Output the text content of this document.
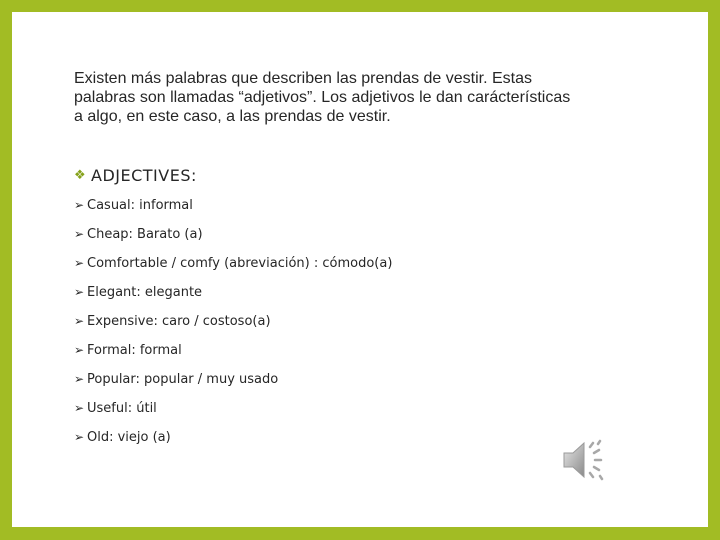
Existen más palabras que describen las prendas de vestir. Estas
palabras son llamadas “adjetivos”. Los adjetivos le dan carácterísticas
a algo, en este caso, a las prendas de vestir.

❖ ADJECTIVES:
➢ Casual: informal
➢ Cheap: Barato (a)
➢ Comfortable / comfy (abreviación) : cómodo(a)
➢ Elegant: elegante
➢ Expensive: caro / costoso(a)
➢ Formal: formal
➢ Popular: popular / muy usado
➢ Useful: útil
➢ Old: viejo (a)
